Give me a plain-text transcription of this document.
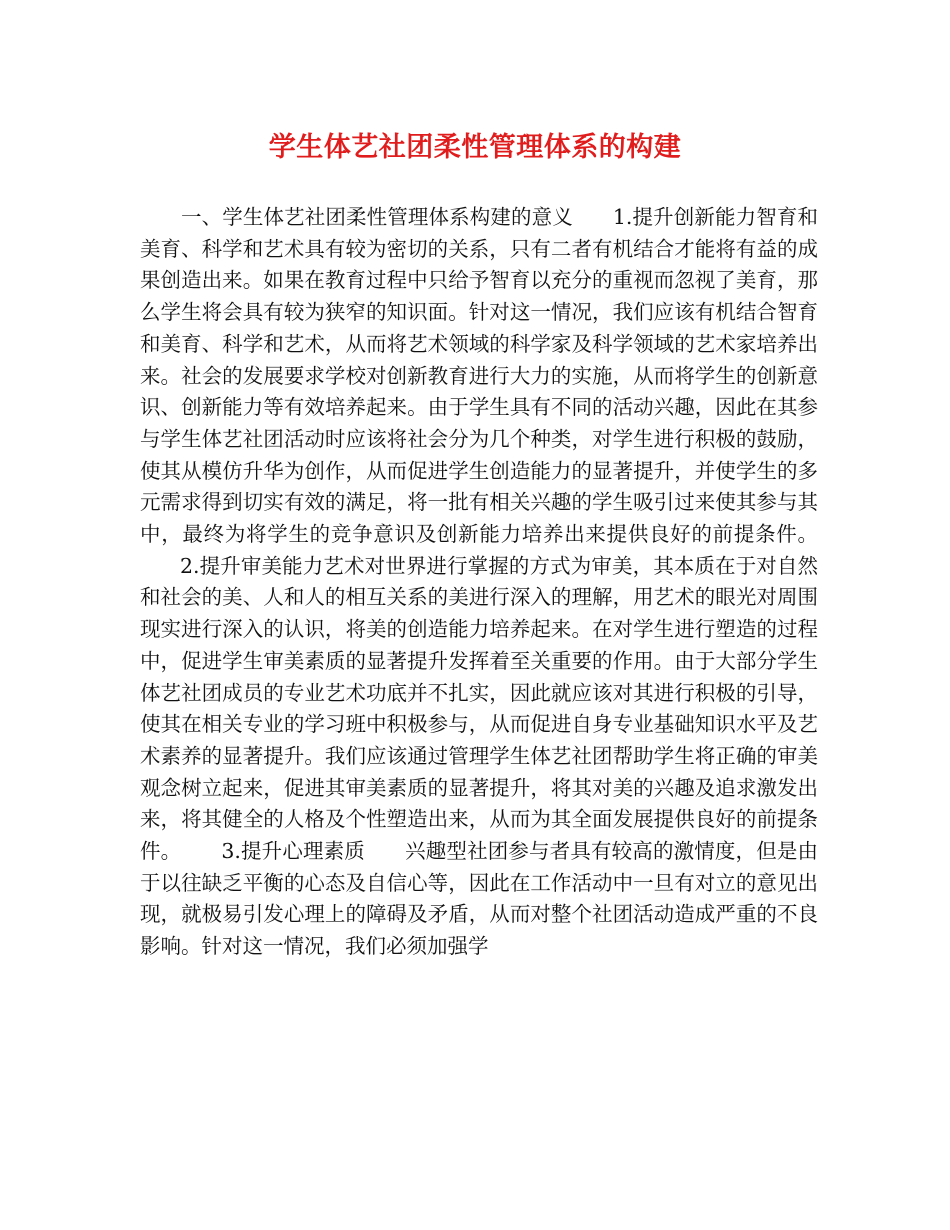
学生体艺社团柔性管理体系的构建

一、学生体艺社团柔性管理体系构建的意义 1.提升创新能力智育和美育、科学和艺术具有较为密切的关系，只有二者有机结合才能将有益的成果创造出来。如果在教育过程中只给予智育以充分的重视而忽视了美育，那么学生将会具有较为狭窄的知识面。针对这一情况，我们应该有机结合智育和美育、科学和艺术，从而将艺术领域的科学家及科学领域的艺术家培养出来。社会的发展要求学校对创新教育进行大力的实施，从而将学生的创新意识、创新能力等有效培养起来。由于学生具有不同的活动兴趣，因此在其参与学生体艺社团活动时应该将社会分为几个种类，对学生进行积极的鼓励，使其从模仿升华为创作，从而促进学生创造能力的显著提升，并使学生的多元需求得到切实有效的满足，将一批有相关兴趣的学生吸引过来使其参与其中，最终为将学生的竞争意识及创新能力培养出来提供良好的前提条件。2.提升审美能力艺术对世界进行掌握的方式为审美，其本质在于对自然和社会的美、人和人的相互关系的美进行深入的理解，用艺术的眼光对周围现实进行深入的认识，将美的创造能力培养起来。在对学生进行塑造的过程中，促进学生审美素质的显著提升发挥着至关重要的作用。由于大部分学生体艺社团成员的专业艺术功底并不扎实，因此就应该对其进行积极的引导，使其在相关专业的学习班中积极参与，从而促进自身专业基础知识水平及艺术素养的显著提升。我们应该通过管理学生体艺社团帮助学生将正确的审美观念树立起来，促进其审美素质的显著提升，将其对美的兴趣及追求激发出来，将其健全的人格及个性塑造出来，从而为其全面发展提供良好的前提条件。 3.提升心理素质 兴趣型社团参与者具有较高的激情度，但是由于以往缺乏平衡的心态及自信心等，因此在工作活动中一旦有对立的意见出现，就极易引发心理上的障碍及矛盾，从而对整个社团活动造成严重的不良影响。针对这一情况，我们必须加强学
